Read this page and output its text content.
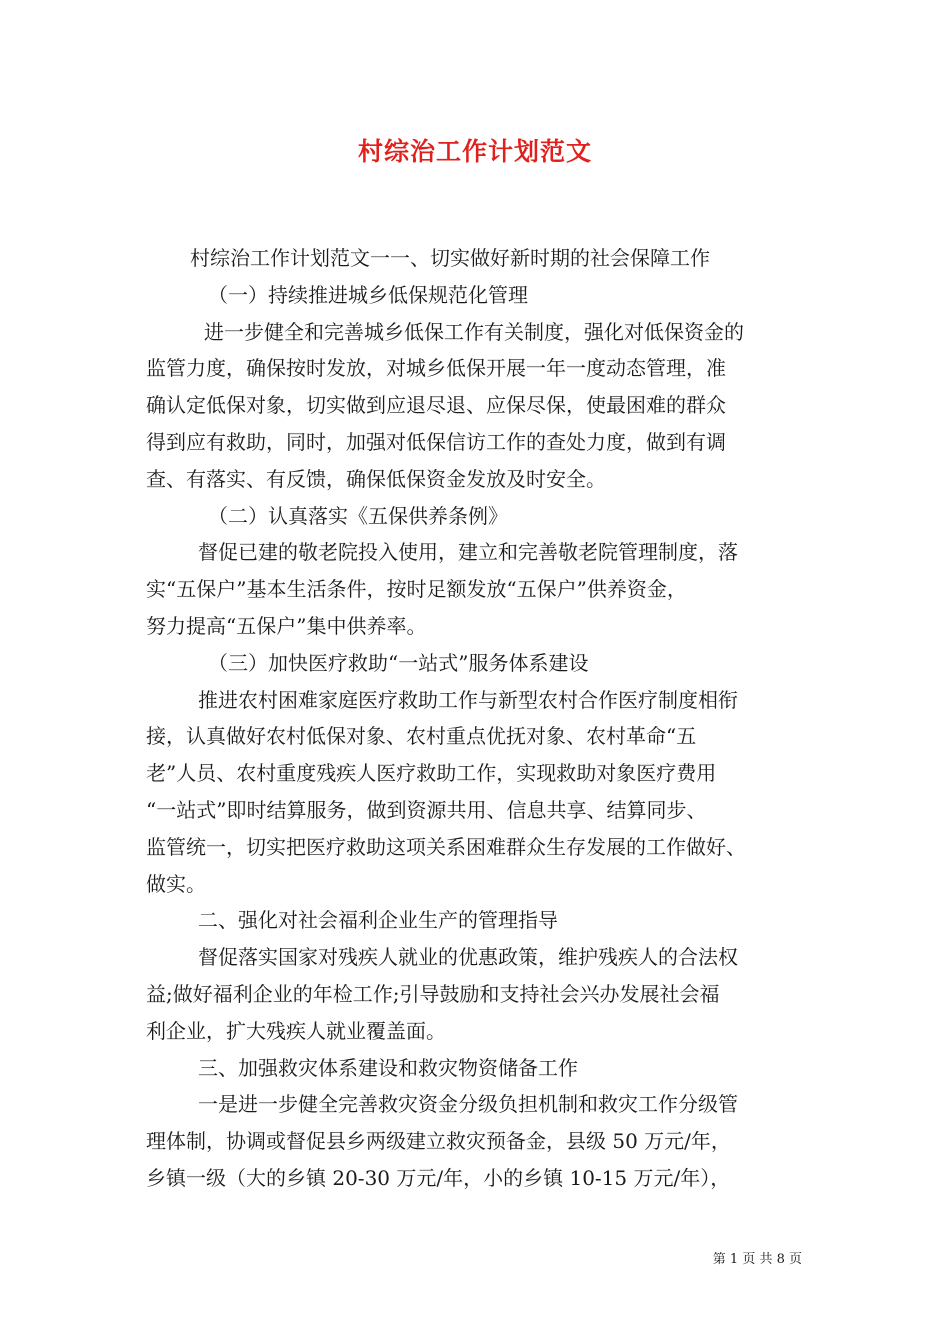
村综治工作计划范文
村综治工作计划范文一一、切实做好新时期的社会保障工作
（一）持续推进城乡低保规范化管理
进一步健全和完善城乡低保工作有关制度，强化对低保资金的
监管力度，确保按时发放，对城乡低保开展一年一度动态管理，准
确认定低保对象，切实做到应退尽退、应保尽保，使最困难的群众
得到应有救助，同时，加强对低保信访工作的查处力度，做到有调
查、有落实、有反馈，确保低保资金发放及时安全。
（二）认真落实《五保供养条例》
督促已建的敬老院投入使用，建立和完善敬老院管理制度，落
实“五保户”基本生活条件，按时足额发放“五保户”供养资金，
努力提高“五保户”集中供养率。
（三）加快医疗救助“一站式”服务体系建设
推进农村困难家庭医疗救助工作与新型农村合作医疗制度相衔
接，认真做好农村低保对象、农村重点优抚对象、农村革命“五
老”人员、农村重度残疾人医疗救助工作，实现救助对象医疗费用
“一站式”即时结算服务，做到资源共用、信息共享、结算同步、
监管统一，切实把医疗救助这项关系困难群众生存发展的工作做好、
做实。
二、强化对社会福利企业生产的管理指导
督促落实国家对残疾人就业的优惠政策，维护残疾人的合法权
益;做好福利企业的年检工作;引导鼓励和支持社会兴办发展社会福
利企业，扩大残疾人就业覆盖面。
三、加强救灾体系建设和救灾物资储备工作
一是进一步健全完善救灾资金分级负担机制和救灾工作分级管
理体制，协调或督促县乡两级建立救灾预备金，县级 50 万元/年，
乡镇一级（大的乡镇 20-30 万元/年，小的乡镇 10-15 万元/年），
第 1 页 共 8 页
